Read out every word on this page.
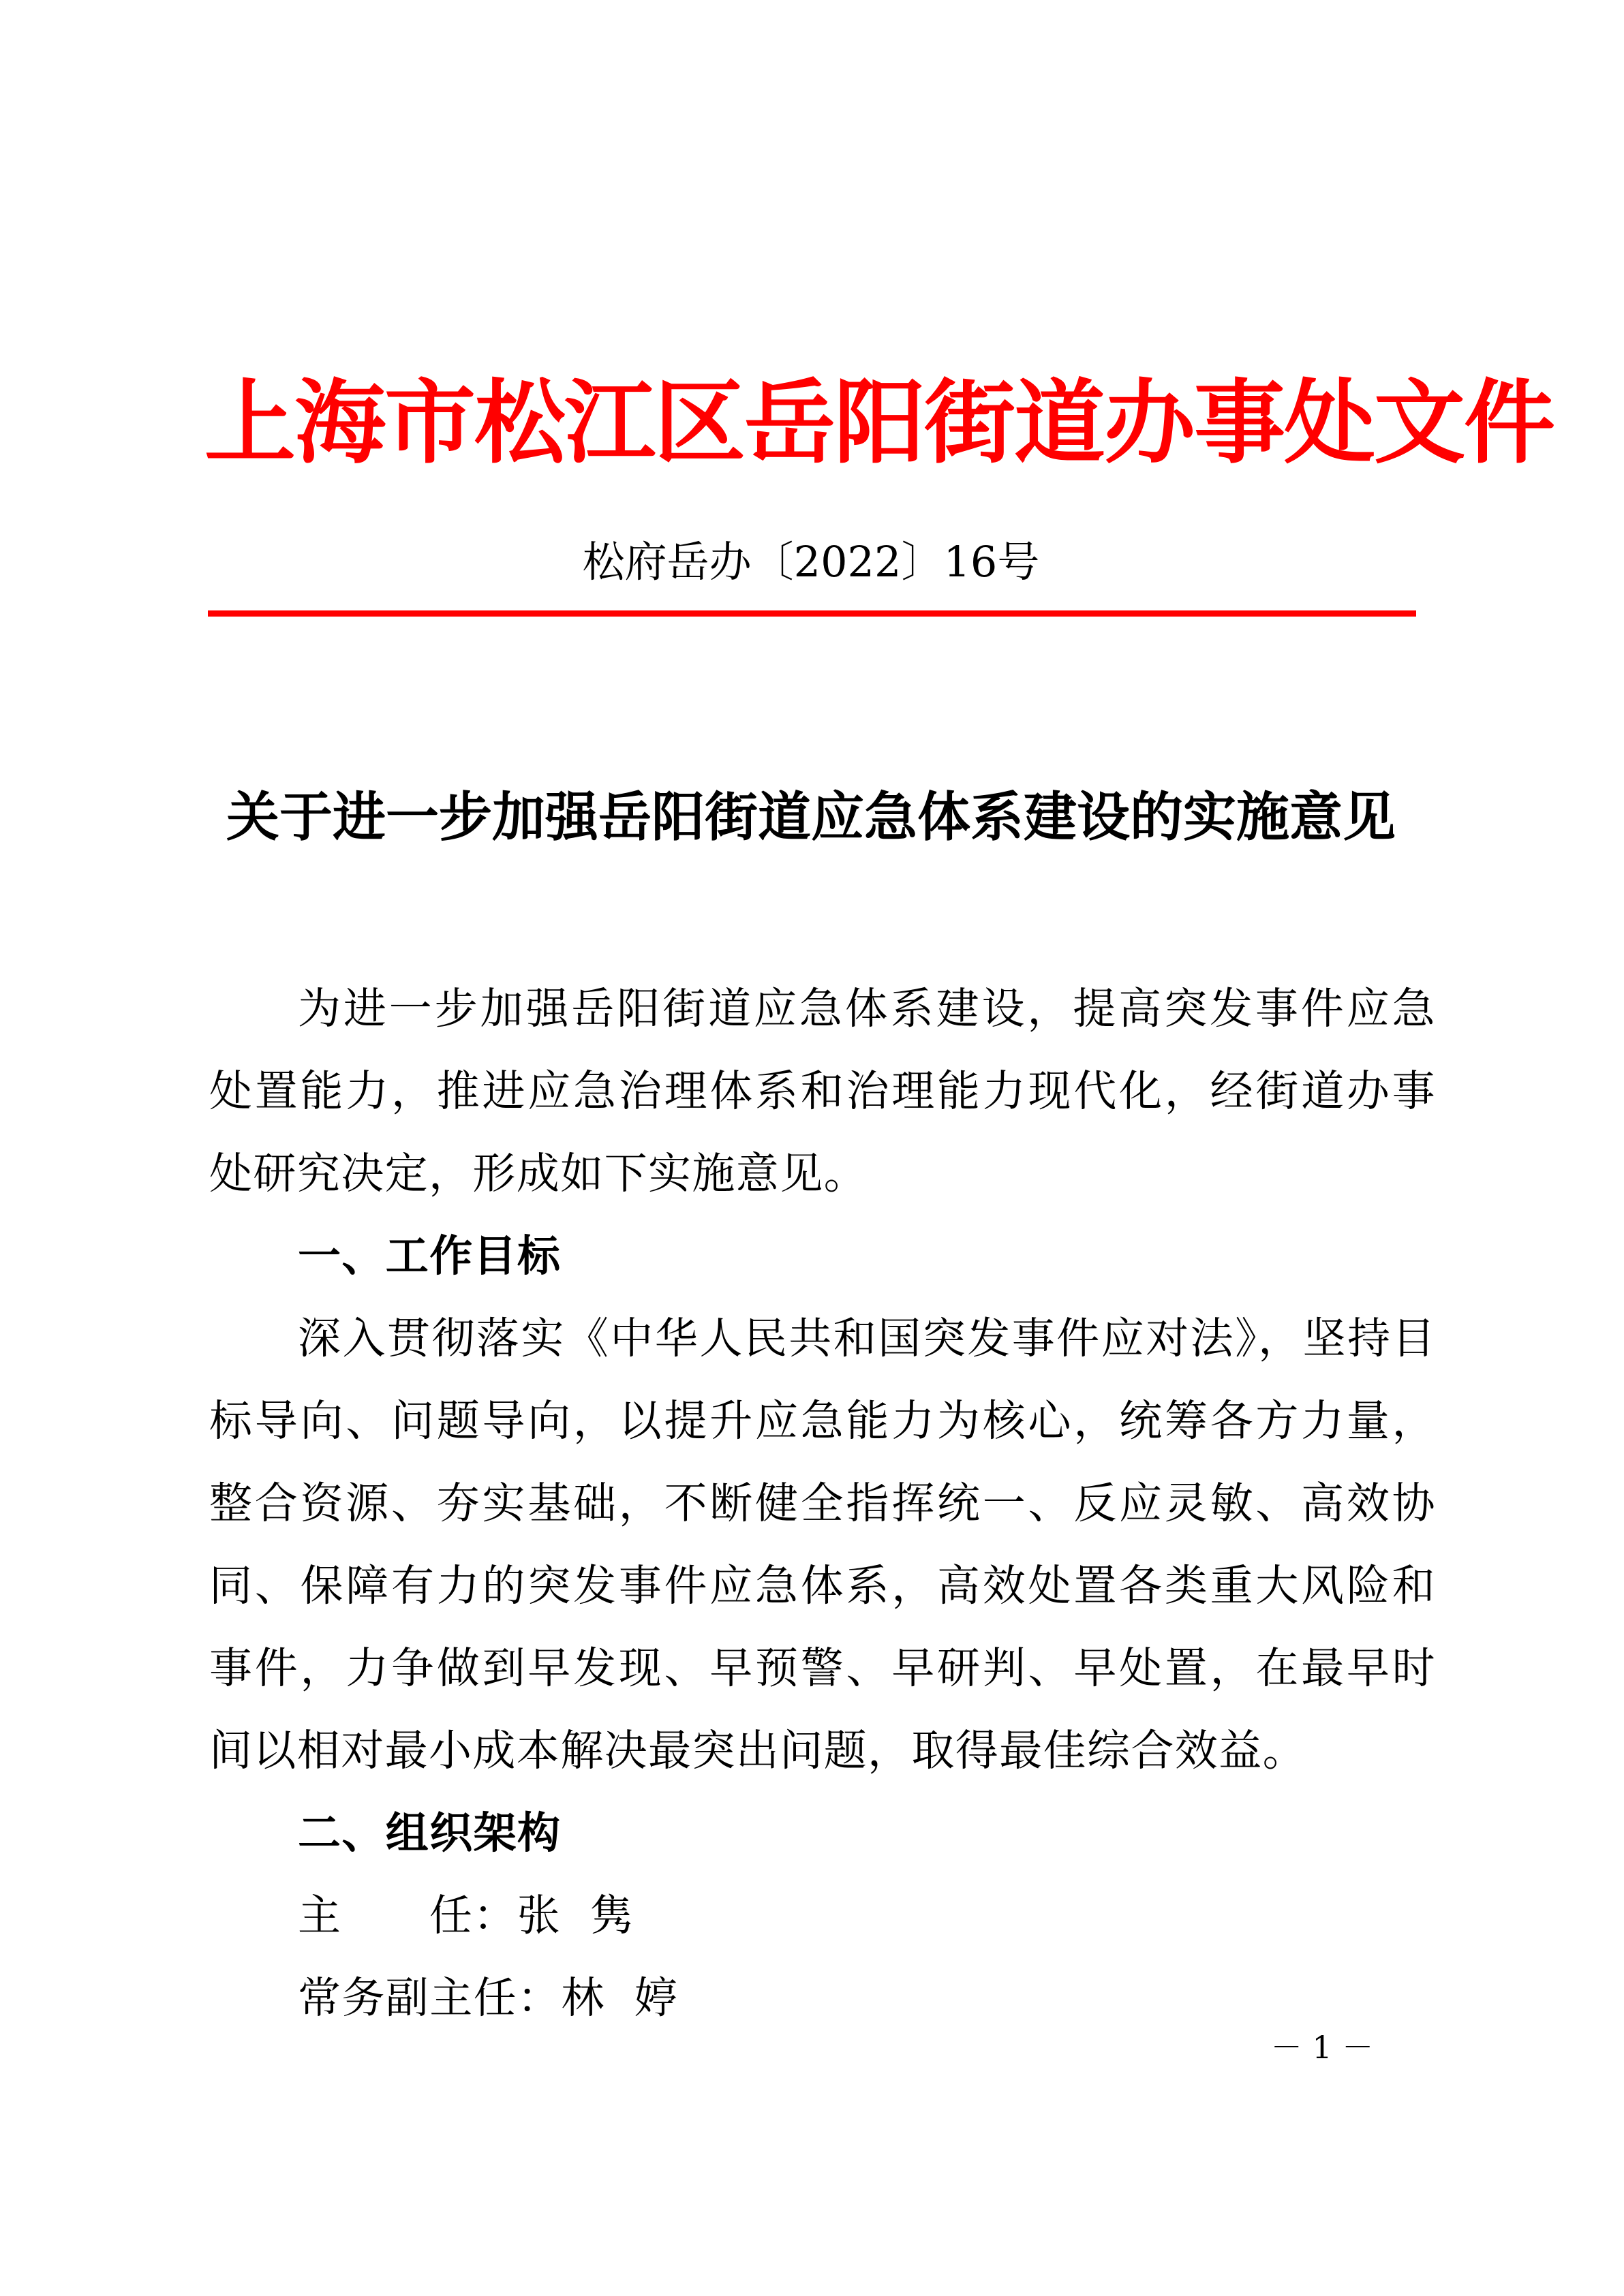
上海市松江区岳阳街道办事处文件
松府岳办〔2022〕16号
关于进一步加强岳阳街道应急体系建设的实施意见

为进一步加强岳阳街道应急体系建设，提高突发事件应急处置能力，推进应急治理体系和治理能力现代化，经街道办事处研究决定，形成如下实施意见。

一、工作目标

深入贯彻落实《中华人民共和国突发事件应对法》，坚持目标导向、问题导向，以提升应急能力为核心，统筹各方力量，整合资源、夯实基础，不断健全指挥统一、反应灵敏、高效协同、保障有力的突发事件应急体系，高效处置各类重大风险和事件，力争做到早发现、早预警、早研判、早处置，在最早时间以相对最小成本解决最突出问题，取得最佳综合效益。

二、组织架构

主      任：张  隽

常务副主任：林  婷

－ 1 －
